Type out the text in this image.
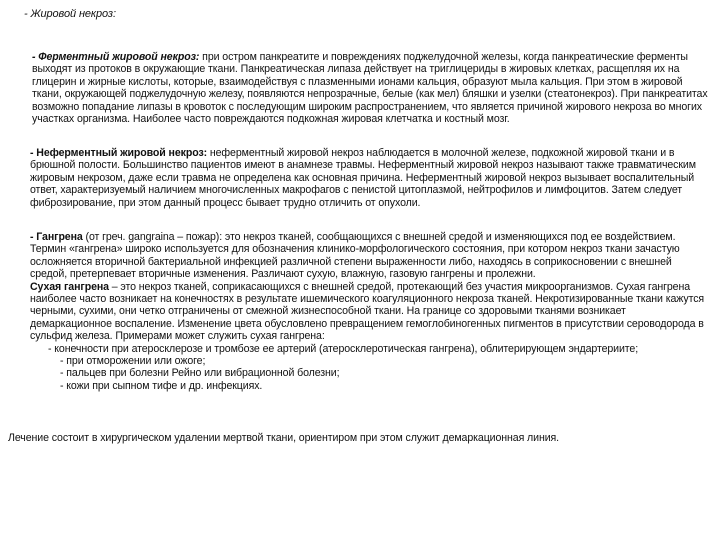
- Жировой некроз:

- Ферментный жировой некроз: при остром панкреатите и повреждениях поджелудочной железы, когда панкреатические ферменты выходят из протоков в окружающие ткани. Панкреатическая липаза действует на триглицериды в жировых клетках, расщепляя их на глицерин и жирные кислоты, которые, взаимодействуя с плазменными ионами кальция, образуют мыла кальция. При этом в жировой ткани, окружающей поджелудочную железу, появляются непрозрачные, белые (как мел) бляшки и узелки (стеатонекроз). При панкреатитах возможно попадание липазы в кровоток с последующим широким распространением, что является причиной жирового некроза во многих участках организма. Наиболее часто повреждаются подкожная жировая клетчатка и костный мозг.

- Неферментный жировой некроз: неферментный жировой некроз наблюдается в молочной железе, подкожной жировой ткани и в брюшной полости. Большинство пациентов имеют в анамнезе травмы. Неферментный жировой некроз называют также травматическим жировым некрозом, даже если травма не определена как основная причина. Неферментный жировой некроз вызывает воспалительный ответ, характеризуемый наличием многочисленных макрофагов с пенистой цитоплазмой, нейтрофилов и лимфоцитов. Затем следует фиброзирование, при этом данный процесс бывает трудно отличить от опухоли.

- Гангрена (от греч. gangraina – пожар): это некроз тканей, сообщающихся с внешней средой и изменяющихся под ее воздействием. Термин «гангрена» широко используется для обозначения клинико-морфологического состояния, при котором некроз ткани зачастую осложняется вторичной бактериальной инфекцией различной степени выраженности либо, находясь в соприкосновении с внешней средой, претерпевает вторичные изменения. Различают сухую, влажную, газовую гангрены и пролежни.

Сухая гангрена – это некроз тканей, соприкасающихся с внешней средой, протекающий без участия микроорганизмов. Сухая гангрена наиболее часто возникает на конечностях в результате ишемического коагуляционного некроза тканей. Некротизированные ткани кажутся черными, сухими, они четко отграничены от смежной жизнеспособной ткани. На границе со здоровыми тканями возникает демаркационное воспаление. Изменение цвета обусловлено превращением гемоглобиногенных пигментов в присутствии сероводорода в сульфид железа. Примерами может служить сухая гангрена:

- конечности при атеросклерозе и тромбозе ее артерий (атеросклеротическая гангрена), облитерирующем эндартериите;

- при отморожении или ожоге;

- пальцев при болезни Рейно или вибрационной болезни;

- кожи при сыпном тифе и др. инфекциях.

Лечение состоит в хирургическом удалении мертвой ткани, ориентиром при этом служит демаркационная линия.
